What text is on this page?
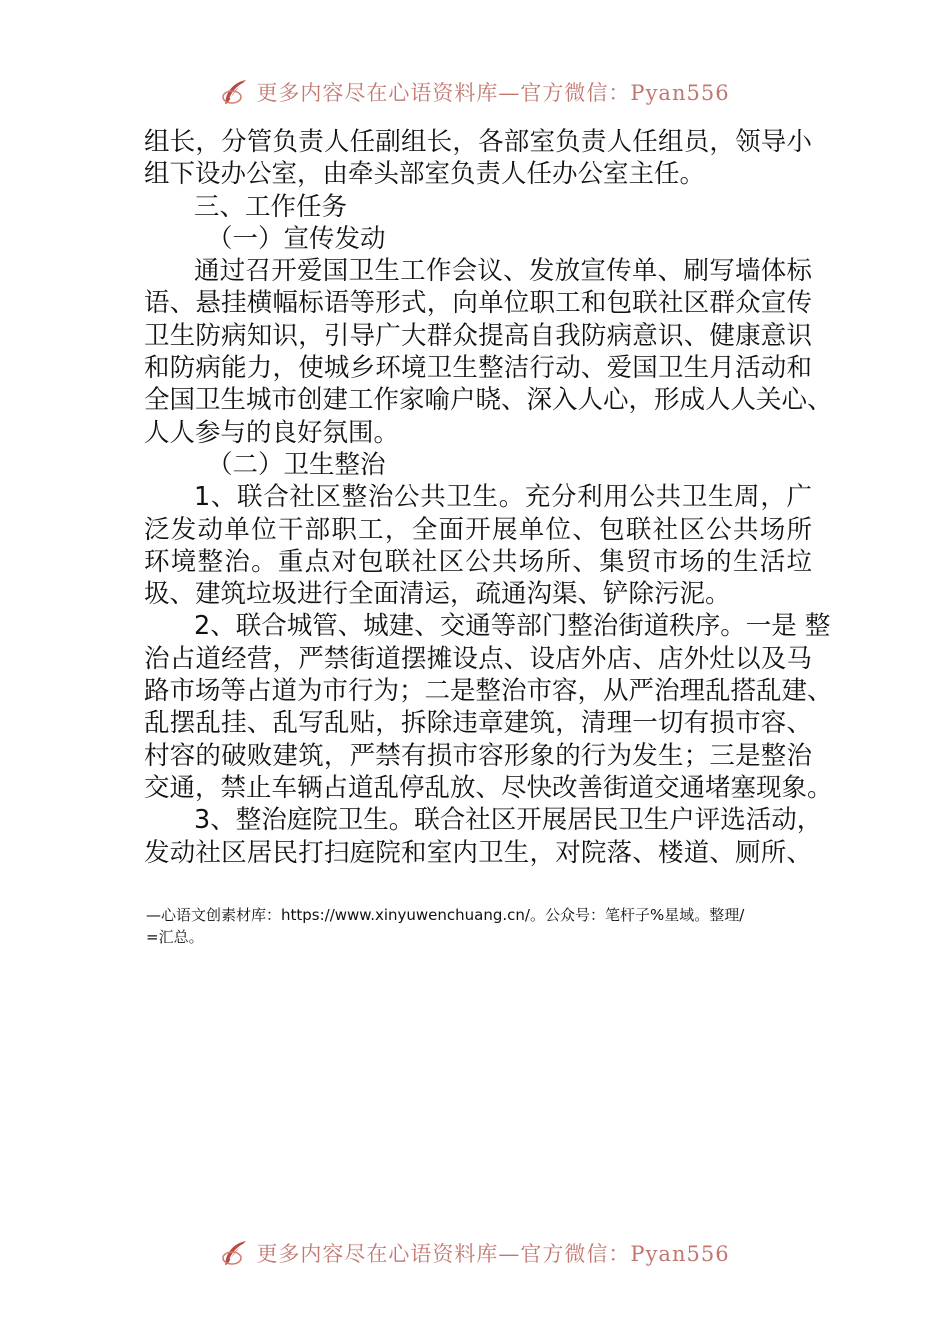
更多内容尽在心语资料库—官方微信：Pyan556
组长，分管负责人任副组长，各部室负责人任组员，领导小
组下设办公室，由牵头部室负责人任办公室主任。
三、工作任务
（一）宣传发动
通过召开爱国卫生工作会议、发放宣传单、刷写墙体标
语、悬挂横幅标语等形式，向单位职工和包联社区群众宣传
卫生防病知识，引导广大群众提高自我防病意识、健康意识
和防病能力，使城乡环境卫生整洁行动、爱国卫生月活动和
全国卫生城市创建工作家喻户晓、深入人心，形成人人关心、
人人参与的良好氛围。
（二）卫生整治
1、联合社区整治公共卫生。充分利用公共卫生周，广
泛发动单位干部职工，全面开展单位、包联社区公共场所
环境整治。重点对包联社区公共场所、集贸市场的生活垃
圾、建筑垃圾进行全面清运，疏通沟渠、铲除污泥。
2、联合城管、城建、交通等部门整治街道秩序。一是 整
治占道经营，严禁街道摆摊设点、设店外店、店外灶以及马
路市场等占道为市行为；二是整治市容，从严治理乱搭乱建、
乱摆乱挂、乱写乱贴，拆除违章建筑，清理一切有损市容、
村容的破败建筑，严禁有损市容形象的行为发生；三是整治
交通，禁止车辆占道乱停乱放、尽快改善街道交通堵塞现象。
3、整治庭院卫生。联合社区开展居民卫生户评选活动，
发动社区居民打扫庭院和室内卫生，对院落、楼道、厕所、
—心语文创素材库：https://www.xinyuwenchuang.cn/。公众号：笔杆子%星域。整理/
=汇总。
更多内容尽在心语资料库—官方微信：Pyan556
